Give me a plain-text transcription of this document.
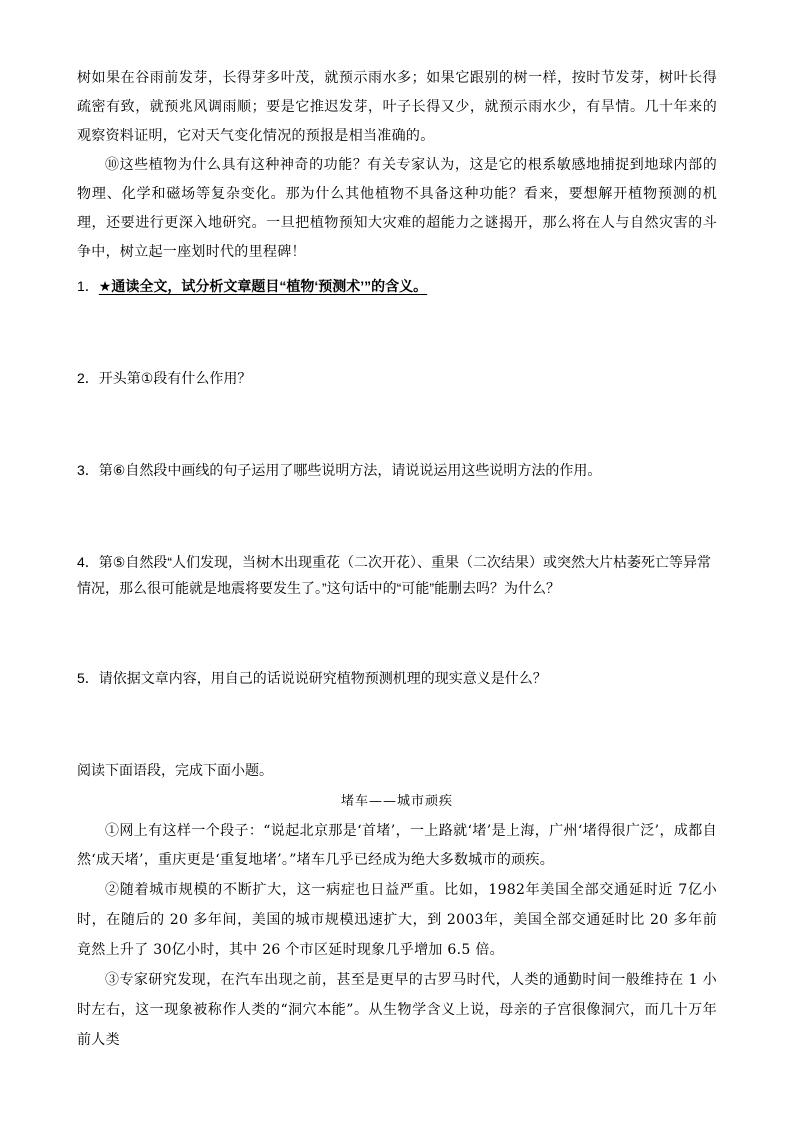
树如果在谷雨前发芽，长得芽多叶茂，就预示雨水多；如果它跟别的树一样，按时节发芽，树叶长得疏密有致，就预兆风调雨顺；要是它推迟发芽，叶子长得又少，就预示雨水少，有旱情。几十年来的观察资料证明，它对天气变化情况的预报是相当准确的。

⑩这些植物为什么具有这种神奇的功能？有关专家认为，这是它的根系敏感地捕捉到地球内部的物理、化学和磁场等复杂变化。那为什么其他植物不具备这种功能？看来，要想解开植物预测的机理，还要进行更深入地研究。一旦把植物预知大灾难的超能力之谜揭开，那么将在人与自然灾害的斗争中，树立起一座划时代的里程碑！

1．★通读全文，试分析文章题目“植物‘预测术’”的含义。

2．开头第①段有什么作用？

3．第⑥自然段中画线的句子运用了哪些说明方法，请说说运用这些说明方法的作用。

4．第⑤自然段“人们发现，当树木出现重花（二次开花）、重果（二次结果）或突然大片枯萎死亡等异常情况，那么很可能就是地震将要发生了。”这句话中的“可能”能删去吗？为什么？

5．请依据文章内容，用自己的话说说研究植物预测机理的现实意义是什么？

阅读下面语段，完成下面小题。

堵车——城市顽疾

①网上有这样一个段子：“说起北京那是‘首堵’，一上路就‘堵’是上海，广州‘堵得很广泛’，成都自然‘成天堵’，重庆更是‘重复地堵’。”堵车几乎已经成为绝大多数城市的顽疾。

②随着城市规模的不断扩大，这一病症也日益严重。比如，1982年美国全部交通延时近 7亿小时，在随后的 20 多年间，美国的城市规模迅速扩大，到 2003年，美国全部交通延时比 20 多年前竟然上升了 30亿小时，其中 26 个市区延时现象几乎增加 6.5 倍。

③专家研究发现，在汽车出现之前，甚至是更早的古罗马时代，人类的通勤时间一般维持在 1 小时左右，这一现象被称作人类的“洞穴本能”。从生物学含义上说，母亲的子宫很像洞穴，而几十万年前人类
